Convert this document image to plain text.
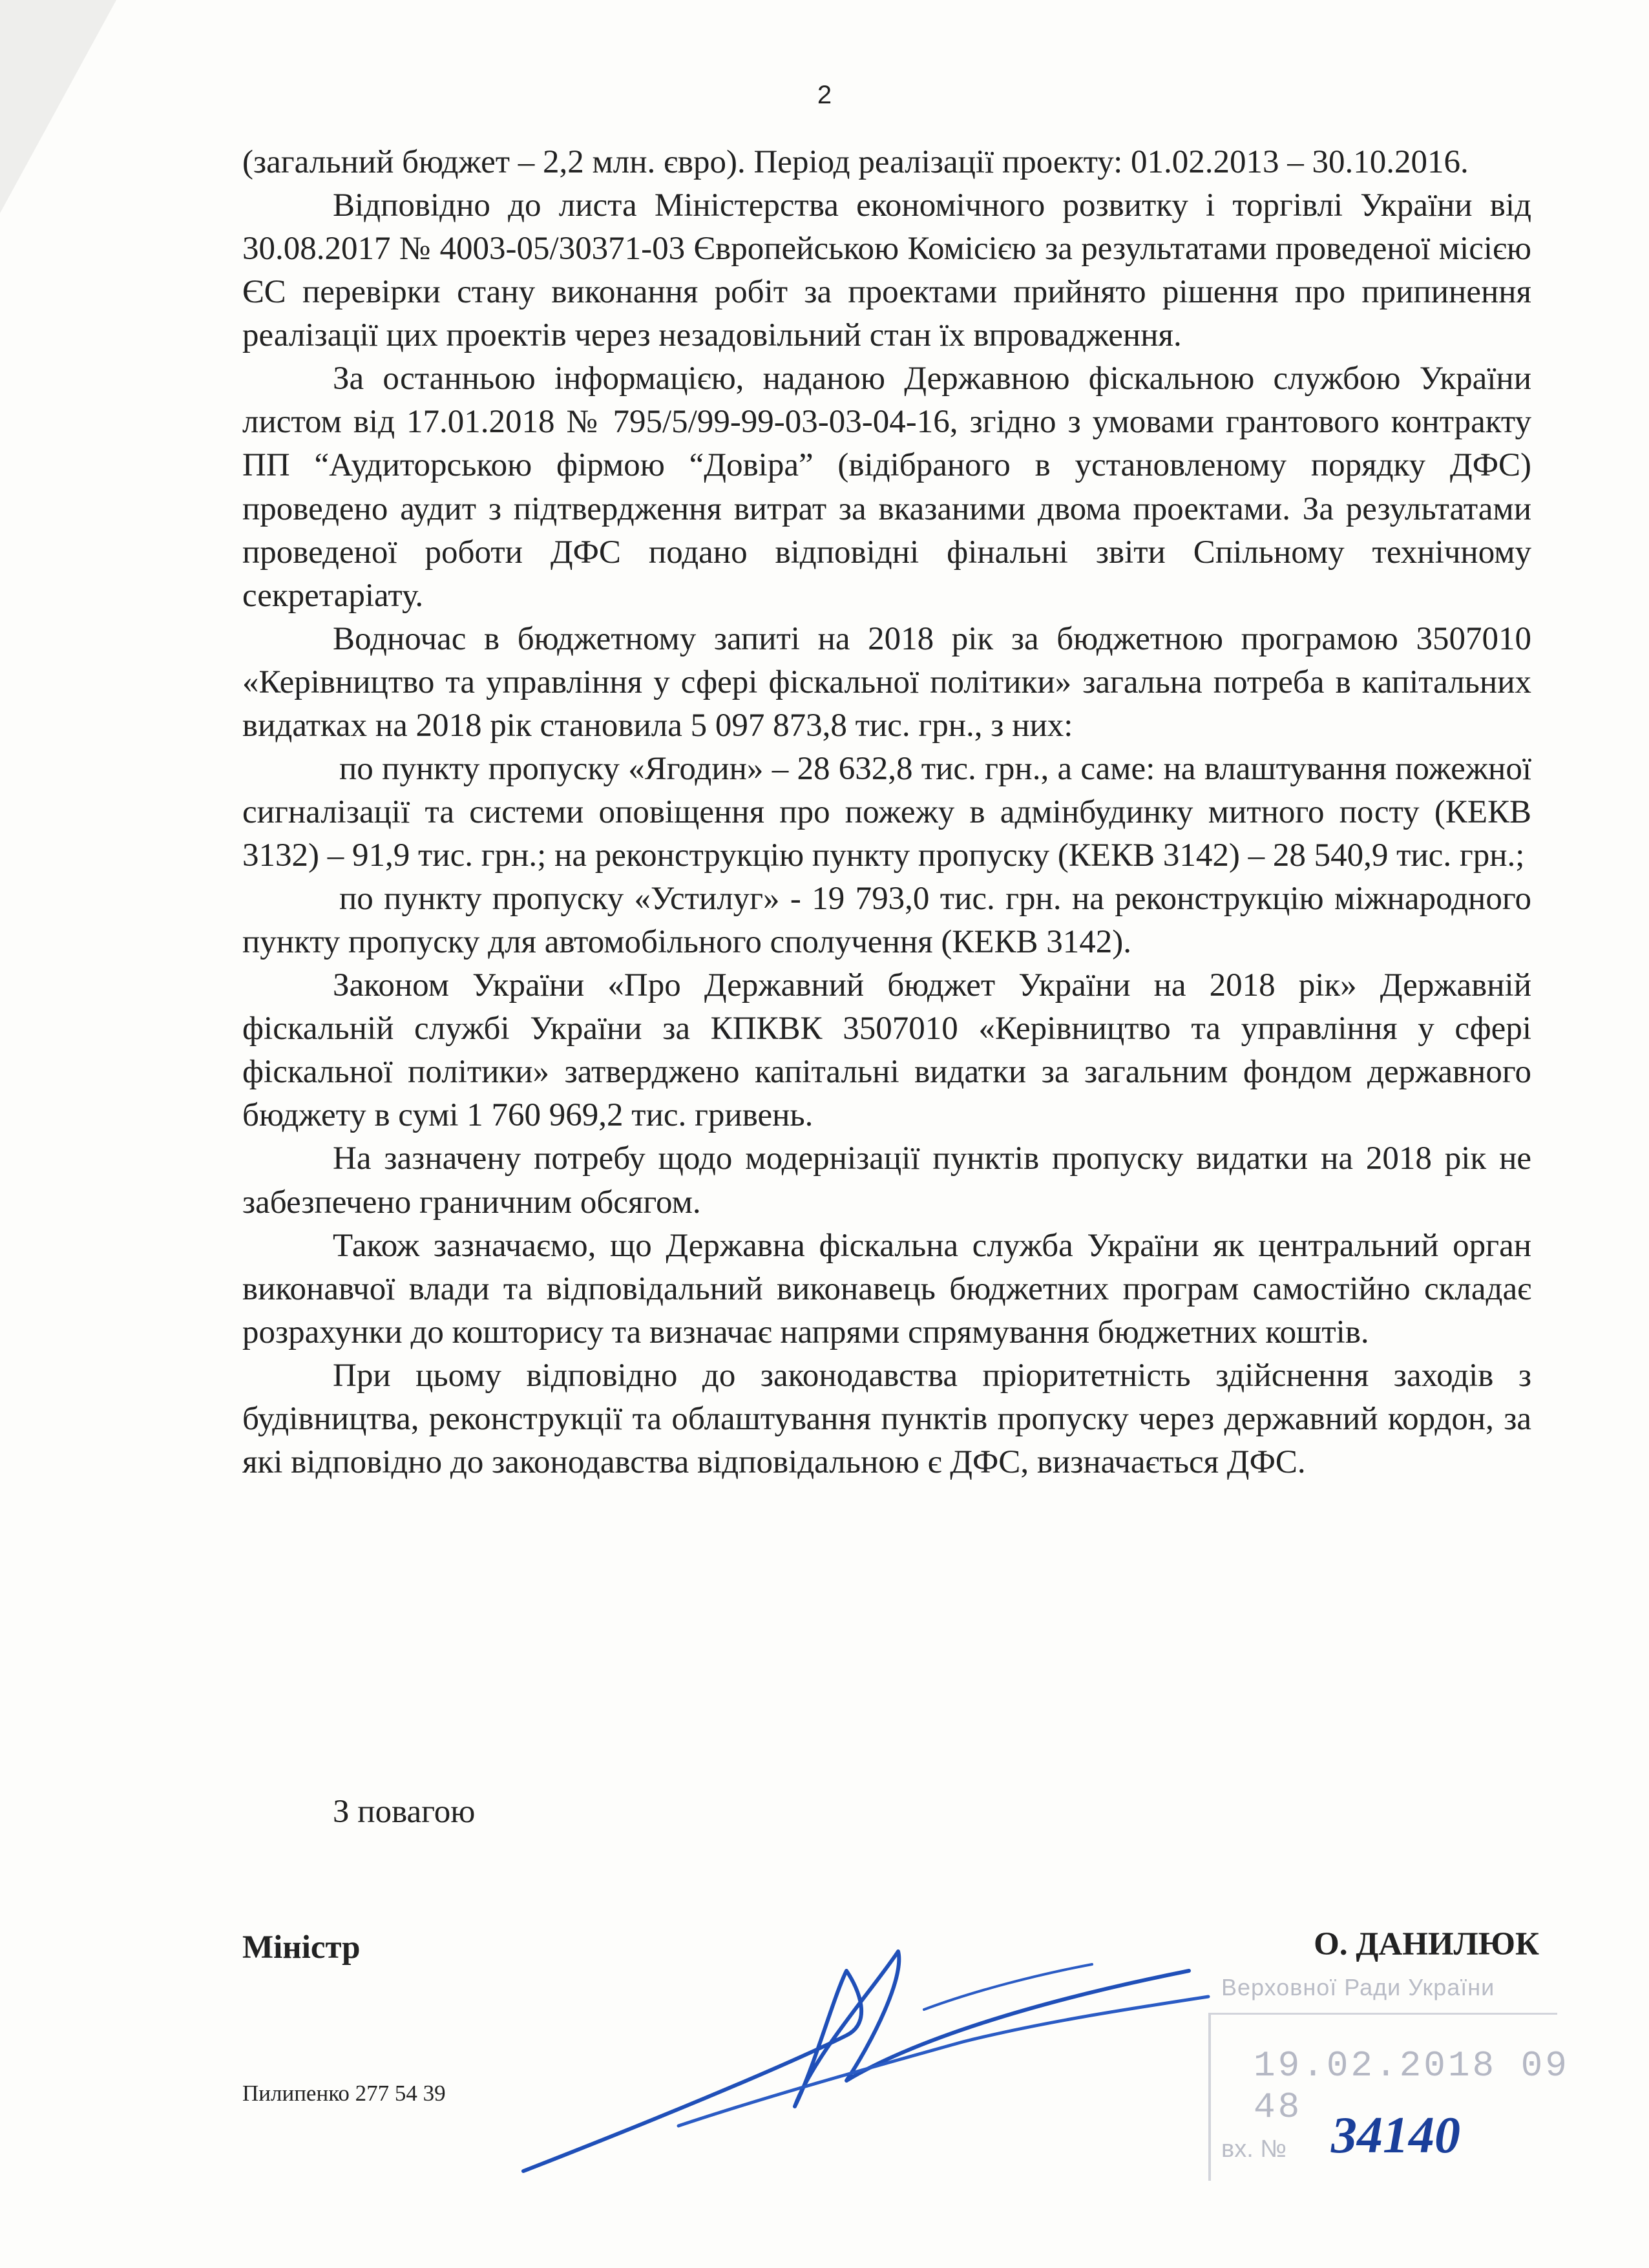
2

(загальний бюджет – 2,2 млн. євро). Період реалізації проекту: 01.02.2013 – 30.10.2016.

Відповідно до листа Міністерства економічного розвитку і торгівлі України від 30.08.2017 № 4003-05/30371-03 Європейською Комісією за результатами проведеної місією ЄС перевірки стану виконання робіт за проектами прийнято рішення про припинення реалізації цих проектів через незадовільний стан їх впровадження.

За останньою інформацією, наданою Державною фіскальною службою України листом від 17.01.2018 № 795/5/99-99-03-03-04-16, згідно з умовами грантового контракту ПП “Аудиторською фірмою “Довіра” (відібраного в установленому порядку ДФС) проведено аудит з підтвердження витрат за вказаними двома проектами. За результатами проведеної роботи ДФС подано відповідні фінальні звіти Спільному технічному секретаріату.

Водночас в бюджетному запиті на 2018 рік за бюджетною програмою 3507010 «Керівництво та управління у сфері фіскальної політики» загальна потреба в капітальних видатках на 2018 рік становила 5 097 873,8 тис. грн., з них:

по пункту пропуску «Ягодин» – 28 632,8 тис. грн., а саме: на влаштування пожежної сигналізації та системи оповіщення про пожежу в адмінбудинку митного посту (КЕКВ 3132) – 91,9 тис. грн.; на реконструкцію пункту пропуску (КЕКВ 3142) – 28 540,9 тис. грн.;

по пункту пропуску «Устилуг» - 19 793,0 тис. грн. на реконструкцію міжнародного пункту пропуску для автомобільного сполучення (КЕКВ 3142).

Законом України «Про Державний бюджет України на 2018 рік» Державній фіскальній службі України за КПКВК 3507010 «Керівництво та управління у сфері фіскальної політики» затверджено капітальні видатки за загальним фондом державного бюджету в сумі 1 760 969,2 тис. гривень.

На зазначену потребу щодо модернізації пунктів пропуску видатки на 2018 рік не забезпечено граничним обсягом.

Також зазначаємо, що Державна фіскальна служба України як центральний орган виконавчої влади та відповідальний виконавець бюджетних програм самостійно складає розрахунки до кошторису та визначає напрями спрямування бюджетних коштів.

При цьому відповідно до законодавства пріоритетність здійснення заходів з будівництва, реконструкції та облаштування пунктів пропуску через державний кордон, за які відповідно до законодавства відповідальною є ДФС, визначається ДФС.

З повагою
Міністр	О. ДАНИЛЮК
Пилипенко 277 54 39
Верховної Ради України
19.02.2018 09 48
вх. № 34140
